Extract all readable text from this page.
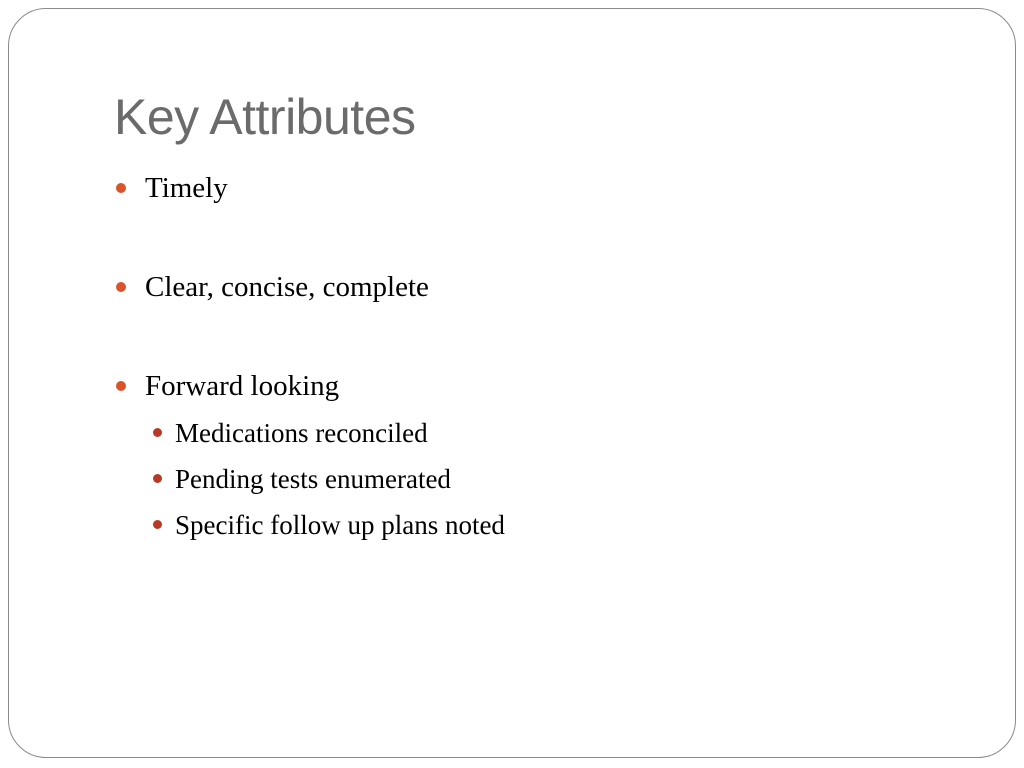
Key Attributes
Timely
Clear, concise, complete
Forward looking
Medications reconciled
Pending tests enumerated
Specific follow up plans noted
